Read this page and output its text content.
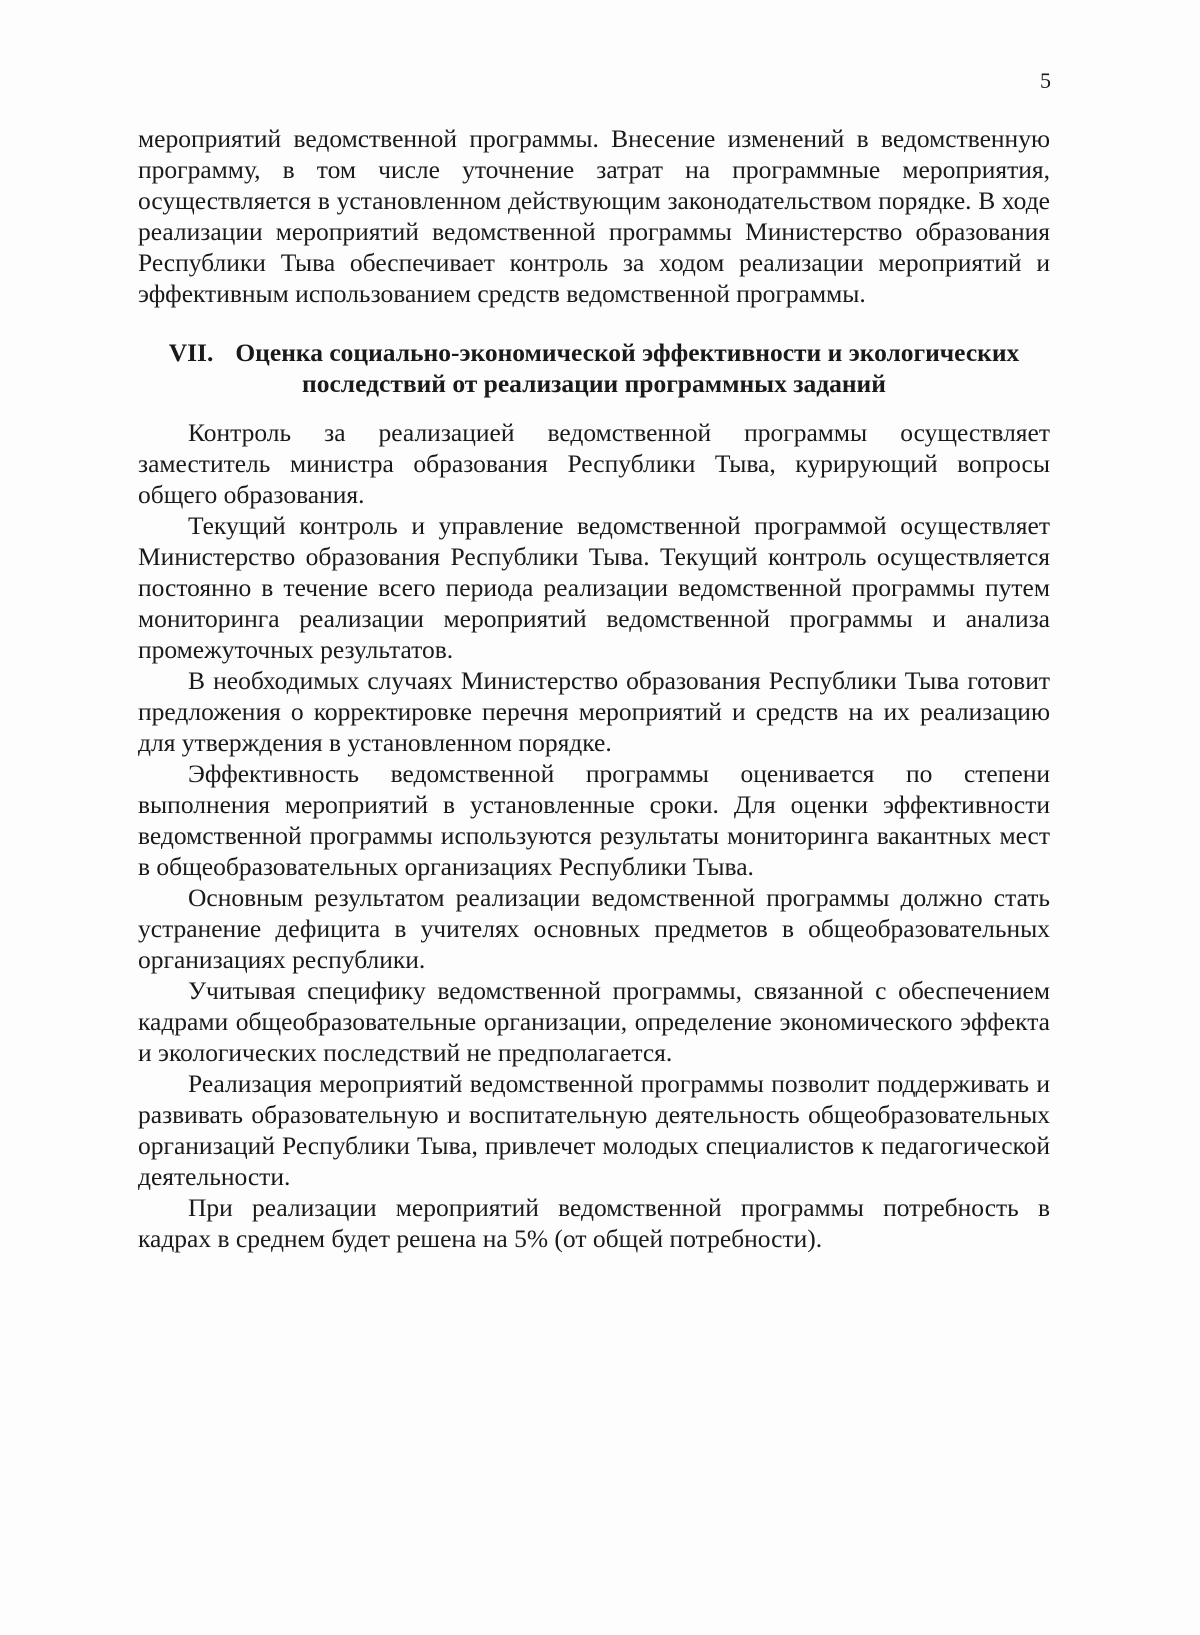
5

мероприятий ведомственной программы. Внесение изменений в ведомственную программу, в том числе уточнение затрат на программные мероприятия, осуществляется в установленном действующим законодательством порядке. В ходе реализации мероприятий ведомственной программы Министерство образования Республики Тыва обеспечивает контроль за ходом реализации мероприятий и эффективным использованием средств ведомственной программы.

VII. Оценка социально-экономической эффективности и экологических
последствий от реализации программных заданий

Контроль за реализацией ведомственной программы осуществляет заместитель министра образования Республики Тыва, курирующий вопросы общего образования.

Текущий контроль и управление ведомственной программой осуществляет Министерство образования Республики Тыва. Текущий контроль осуществляется постоянно в течение всего периода реализации ведомственной программы путем мониторинга реализации мероприятий ведомственной программы и анализа промежуточных результатов.

В необходимых случаях Министерство образования Республики Тыва готовит предложения о корректировке перечня мероприятий и средств на их реализацию для утверждения в установленном порядке.

Эффективность ведомственной программы оценивается по степени выполнения мероприятий в установленные сроки. Для оценки эффективности ведомственной программы используются результаты мониторинга вакантных мест в общеобразовательных организациях Республики Тыва.

Основным результатом реализации ведомственной программы должно стать устранение дефицита в учителях основных предметов в общеобразовательных организациях республики.

Учитывая специфику ведомственной программы, связанной с обеспечением кадрами общеобразовательные организации, определение экономического эффекта и экологических последствий не предполагается.

Реализация мероприятий ведомственной программы позволит поддерживать и развивать образовательную и воспитательную деятельность общеобразовательных организаций Республики Тыва, привлечет молодых специалистов к педагогической деятельности.

При реализации мероприятий ведомственной программы потребность в кадрах в среднем будет решена на 5% (от общей потребности).
